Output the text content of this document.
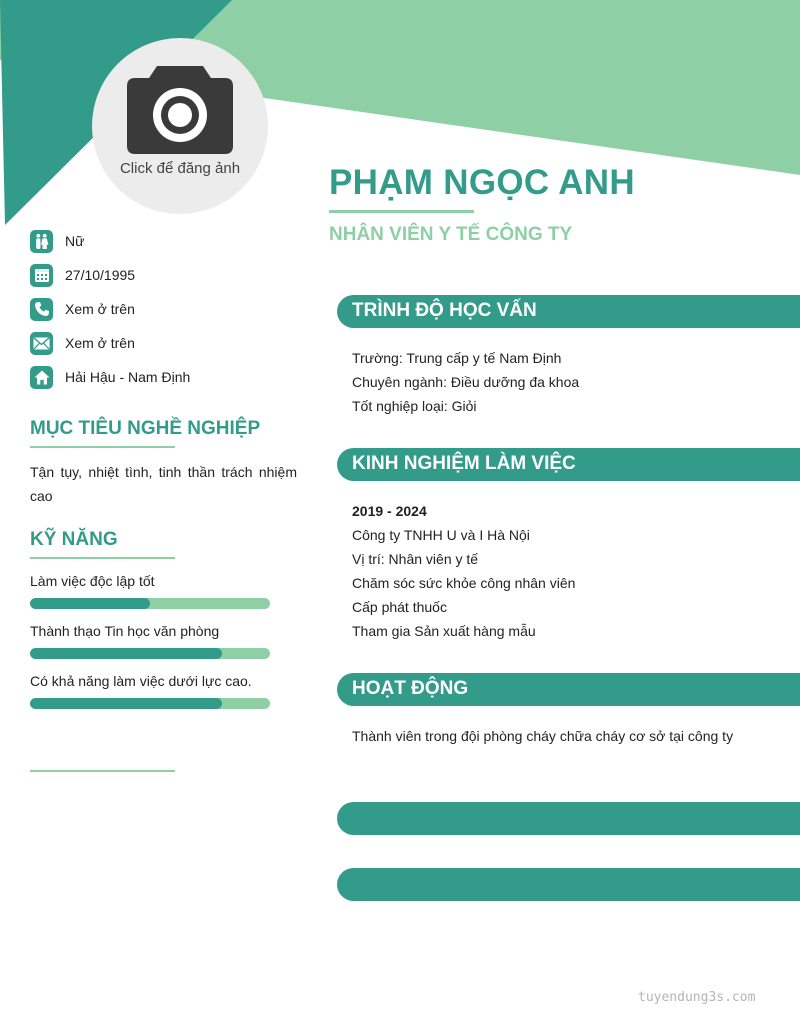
Click để đăng ảnh	PHẠM NGỌC ANH
NHÂN VIÊN Y TẾ CÔNG TY
Nữ
27/10/1995
Xem ở trên
Xem ở trên
Hải Hậu - Nam Định
MỤC TIÊU NGHỀ NGHIỆP

Tận tụy, nhiệt tình, tinh thần trách nhiệm cao

KỸ NĂNG
Làm việc độc lập tốt
Thành thạo Tin học văn phòng
Có khả năng làm việc dưới lực cao.
TRÌNH ĐỘ HỌC VẤN

Trường: Trung cấp y tế Nam Định

Chuyên ngành: Điều dưỡng đa khoa

Tốt nghiệp loại: Giỏi

KINH NGHIỆM LÀM VIỆC

2019 - 2024

Công ty TNHH U và I Hà Nội

Vị trí: Nhân viên y tế

Chăm sóc sức khỏe công nhân viên

Cấp phát thuốc

Tham gia Sản xuất hàng mẫu

HOẠT ĐỘNG

Thành viên trong đội phòng cháy chữa cháy cơ sở tại công ty

tuyendung3s.com
